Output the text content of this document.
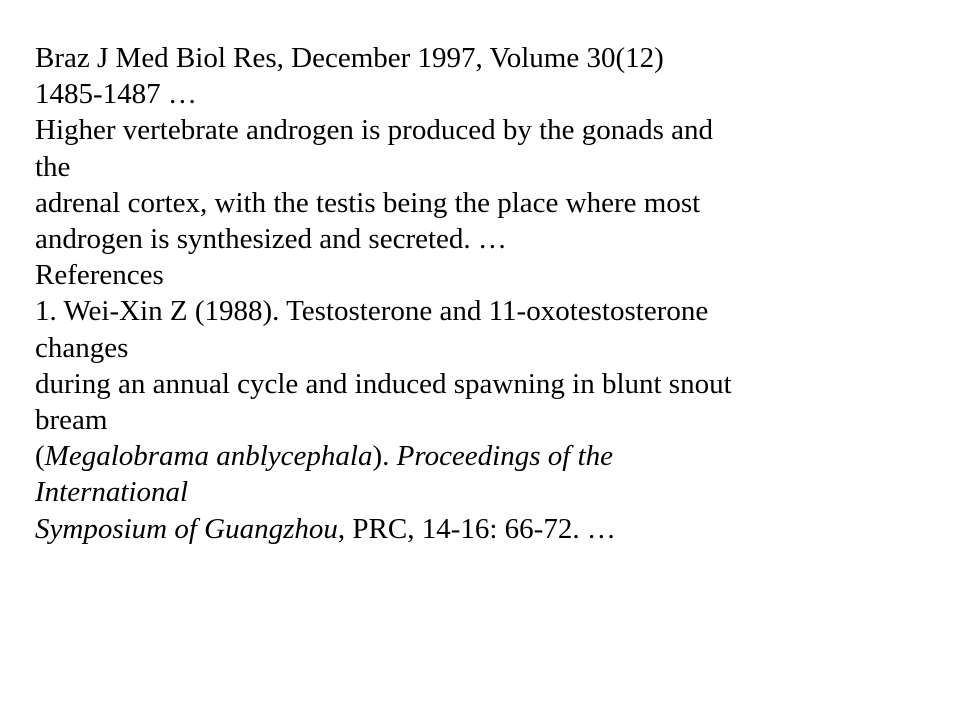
Braz J Med Biol Res, December 1997, Volume 30(12)
1485-1487 …
Higher vertebrate androgen is produced by the gonads and
the
adrenal cortex, with the testis being the place where most
androgen is synthesized and secreted. …
References
1. Wei-Xin Z (1988). Testosterone and 11-oxotestosterone
changes
during an annual cycle and induced spawning in blunt snout
bream
(Megalobrama anblycephala). Proceedings of the
International
Symposium of Guangzhou, PRC, 14-16: 66-72. …
